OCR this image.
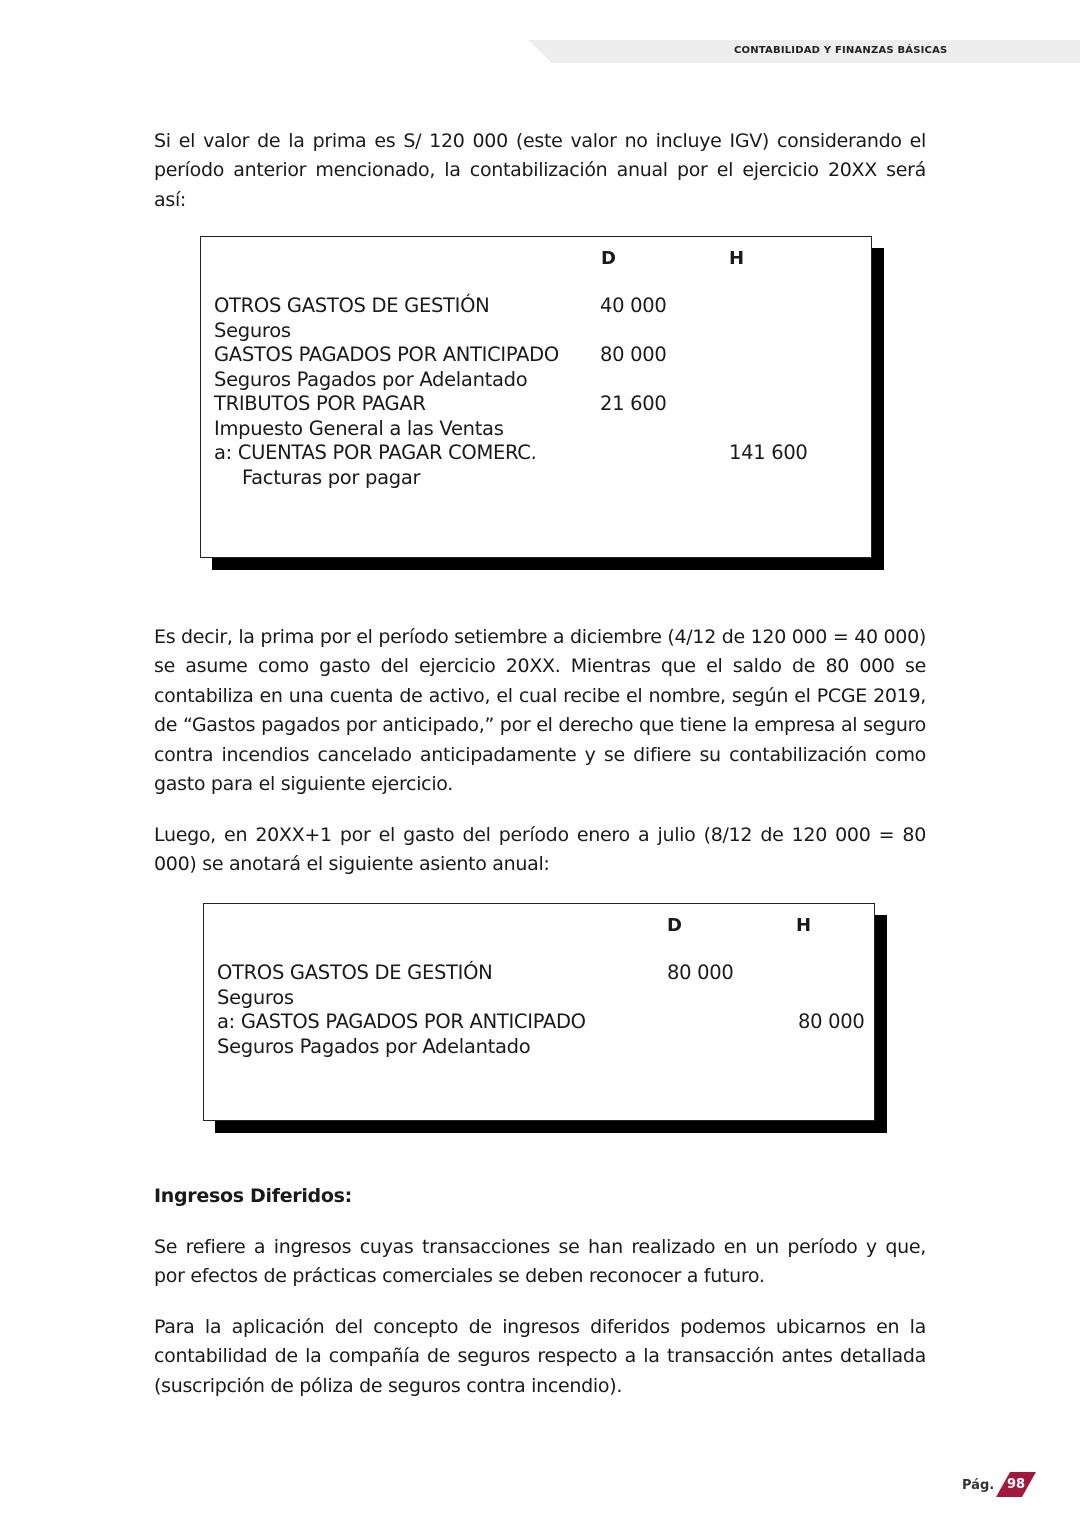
CONTABILIDAD Y FINANZAS BÁSICAS

Si el valor de la prima es S/ 120 000 (este valor no incluye IGV) considerando el período anterior mencionado, la contabilización anual por el ejercicio 20XX será así:

D	H
OTROS GASTOS DE GESTIÓN	40 000
Seguros
GASTOS PAGADOS POR ANTICIPADO 80 000
Seguros Pagados por Adelantado
TRIBUTOS POR PAGAR	21 600
Impuesto General a las Ventas
a: CUENTAS POR PAGAR COMERC.	141 600
Facturas por pagar

Es decir, la prima por el período setiembre a diciembre (4/12 de 120 000 = 40 000) se asume como gasto del ejercicio 20XX. Mientras que el saldo de 80 000 se contabiliza en una cuenta de activo, el cual recibe el nombre, según el PCGE 2019, de “Gastos pagados por anticipado,” por el derecho que tiene la empresa al seguro contra incendios cancelado anticipadamente y se difiere su contabilización como gasto para el siguiente ejercicio.

Luego, en 20XX+1 por el gasto del período enero a julio (8/12 de 120 000 = 80 000) se anotará el siguiente asiento anual:

D	H
OTROS GASTOS DE GESTIÓN	80 000
Seguros
a: GASTOS PAGADOS POR ANTICIPADO	80 000
Seguros Pagados por Adelantado

Ingresos Diferidos:

Se refiere a ingresos cuyas transacciones se han realizado en un período y que, por efectos de prácticas comerciales se deben reconocer a futuro.

Para la aplicación del concepto de ingresos diferidos podemos ubicarnos en la contabilidad de la compañía de seguros respecto a la transacción antes detallada (suscripción de póliza de seguros contra incendio).

Pág. 98
